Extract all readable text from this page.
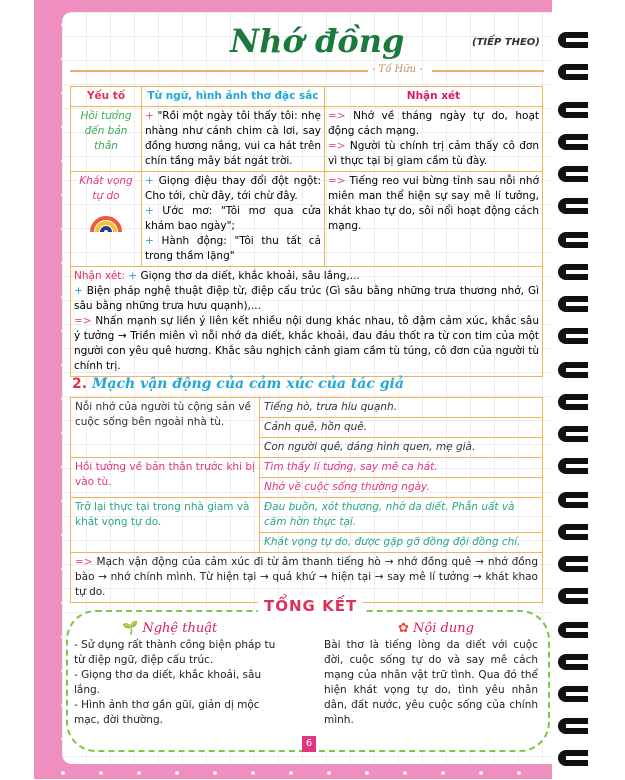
Nhớ đồng	(TIẾP THEO)
- Tố Hữu -
Yếu tố	Từ ngữ, hình ảnh thơ đặc sắc	Nhận xét
Hồi tưởng đến bản thân	+ "Rồi một ngày tôi thấy tôi: nhẹ nhàng như cánh chim cà lơi, say đồng hương nắng, vui ca hát trên chín tầng mây bát ngát trời.	=> Nhớ về tháng ngày tự do, hoạt động cách mạng.
=> Người tù chính trị cảm thấy cô đơn vì thực tại bị giam cầm tù đày.

Khát vọng tự do	+ Giọng điệu thay đổi đột ngột: Cho tới, chừ đây, tới chừ đây.
+ Ước mơ: "Tôi mơ qua cửa khám bao ngày";
+ Hành động: "Tôi thu tất cả trong thầm lặng"	=> Tiếng reo vui bừng tỉnh sau nỗi nhớ miên man thể hiện sự say mê lí tưởng, khát khao tự do, sôi nổi hoạt động cách mạng.

Nhận xét: + Giọng thơ da diết, khắc khoải, sâu lắng,...
+ Biện pháp nghệ thuật điệp từ, điệp cấu trúc (Gì sâu bằng những trưa thương nhớ, Gì sâu bằng những trưa hưu quạnh),...
=> Nhấn mạnh sự liền ý liên kết nhiều nội dung khác nhau, tô đậm cảm xúc, khắc sâu ý tưởng → Triền miên vì nỗi nhớ da diết, khắc khoải, đau đáu thốt ra từ con tim của một người con yêu quê hương. Khắc sâu nghịch cảnh giam cầm tù túng, cô đơn của người tù chính trị.		
2. Mạch vận động của cảm xúc của tác giả
Nỗi nhớ của người tù cộng sản về cuộc sống bên ngoài nhà tù.	Tiếng hò, trưa hiu quạnh.
	Cảnh quê, hồn quê.
	Con người quê, dáng hình quen, mẹ già.
Hồi tưởng về bản thân trước khi bị vào tù.	Tìm thấy lí tưởng, say mê ca hát.
	Nhớ về cuộc sống thường ngày.
Trở lại thực tại trong nhà giam và khát vọng tự do.	Đau buồn, xót thương, nhớ da diết. Phẫn uất và căm hờn thực tại.
	Khát vọng tự do, được gặp gỡ đồng đội đồng chí.
=> Mạch vận động của cảm xúc đi từ âm thanh tiếng hò → nhớ đồng quê → nhớ đồng bào → nhớ chính mình. Từ hiện tại → quá khứ → hiện tại → say mê lí tưởng → khát khao tự do.	
TỔNG KẾT
🌱 Nghệ thuật
- Sử dụng rất thành công biện pháp tu từ điệp ngữ, điệp cấu trúc.
- Giọng thơ da diết, khắc khoải, sâu lắng.
- Hình ảnh thơ gần gũi, giản dị mộc mạc, đời thường.
✿ Nội dung
Bài thơ là tiếng lòng da diết với cuộc đời, cuộc sống tự do và say mê cách mạng của nhân vật trữ tình. Qua đó thể hiện khát vọng tự do, tình yêu nhân dân, đất nước, yêu cuộc sống của chính mình.
6
